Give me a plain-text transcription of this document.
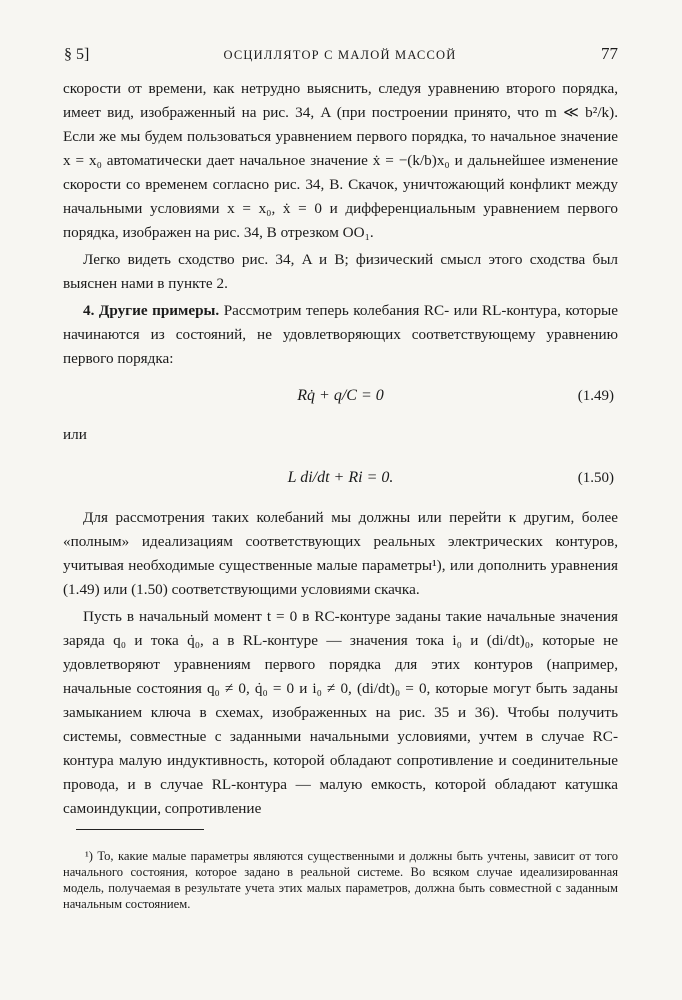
§ 5]	ОСЦИЛЛЯТОР С МАЛОЙ МАССОЙ	77

скорости от времени, как нетрудно выяснить, следуя уравнению второго порядка, имеет вид, изображенный на рис. 34, A (при построении принято, что m ≪ b²/k). Если же мы будем пользоваться уравнением первого порядка, то начальное значение x = x₀ автоматически дает начальное значение ẋ = −(k/b)x₀ и дальнейшее изменение скорости со временем согласно рис. 34, B. Скачок, уничтожающий конфликт между начальными условиями x = x₀, ẋ = 0 и дифференциальным уравнением первого порядка, изображен на рис. 34, B отрезком OO₁.

Легко видеть сходство рис. 34, A и B; физический смысл этого сходства был выяснен нами в пункте 2.

4. Другие примеры. Рассмотрим теперь колебания RC- или RL-контура, которые начинаются из состояний, не удовлетворяющих соответствующему уравнению первого порядка:

Rq̇ + q/C = 0	(1.49)
или
L di/dt + Ri = 0.	(1.50)

Для рассмотрения таких колебаний мы должны или перейти к другим, более «полным» идеализациям соответствующих реальных электрических контуров, учитывая необходимые существенные малые параметры¹), или дополнить уравнения (1.49) или (1.50) соответствующими условиями скачка.

Пусть в начальный момент t = 0 в RC-контуре заданы такие начальные значения заряда q₀ и тока q̇₀, а в RL-контуре — значения тока i₀ и (di/dt)₀, которые не удовлетворяют уравнениям первого порядка для этих контуров (например, начальные состояния q₀ ≠ 0, q̇₀ = 0 и i₀ ≠ 0, (di/dt)₀ = 0, которые могут быть заданы замыканием ключа в схемах, изображенных на рис. 35 и 36). Чтобы получить системы, совместные с заданными начальными условиями, учтем в случае RC-контура малую индуктивность, которой обладают сопротивление и соединительные провода, и в случае RL-контура — малую емкость, которой обладают катушка самоиндукции, сопротивление

¹) То, какие малые параметры являются существенными и должны быть учтены, зависит от того начального состояния, которое задано в реальной системе. Во всяком случае идеализированная модель, получаемая в результате учета этих малых параметров, должна быть совместной с заданным начальным состоянием.
